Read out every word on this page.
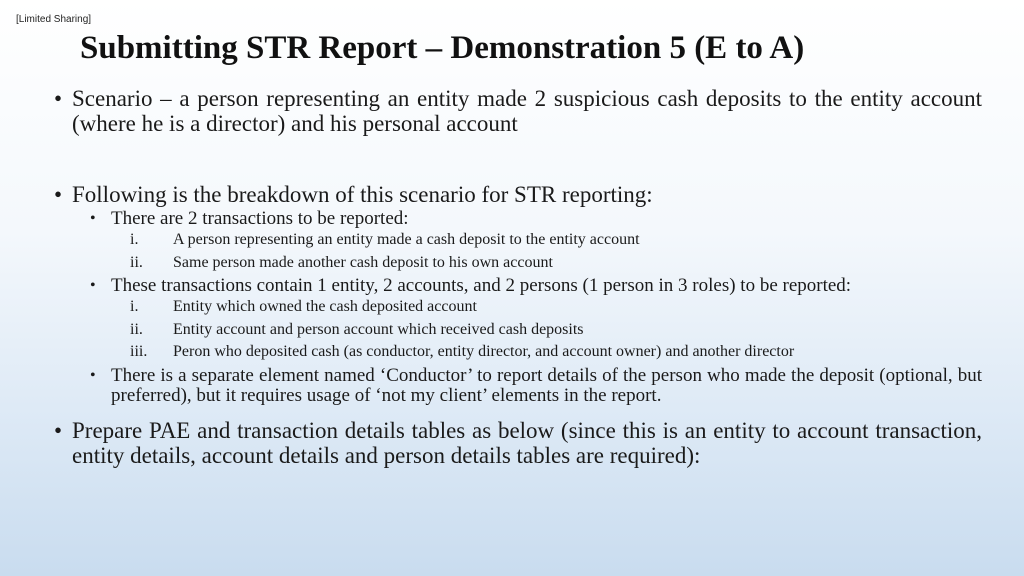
[Limited Sharing]
Submitting STR Report – Demonstration 5 (E to A)
• Scenario – a person representing an entity made 2 suspicious cash deposits to the entity account (where he is a director) and his personal account
• Following is the breakdown of this scenario for STR reporting:
• There are 2 transactions to be reported:
i. A person representing an entity made a cash deposit to the entity account
ii. Same person made another cash deposit to his own account
• These transactions contain 1 entity, 2 accounts, and 2 persons (1 person in 3 roles) to be reported:
i. Entity which owned the cash deposited account
ii. Entity account and person account which received cash deposits
iii. Peron who deposited cash (as conductor, entity director, and account owner) and another director
• There is a separate element named ‘Conductor’ to report details of the person who made the deposit (optional, but preferred), but it requires usage of ‘not my client’ elements in the report.
• Prepare PAE and transaction details tables as below (since this is an entity to account transaction, entity details, account details and person details tables are required):
